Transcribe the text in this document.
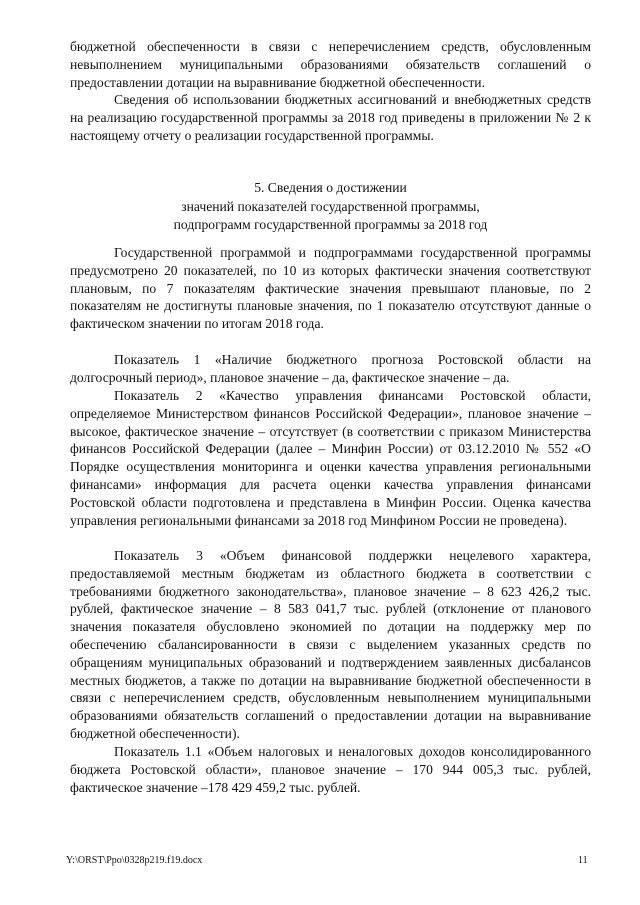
бюджетной обеспеченности в связи с неперечислением средств, обусловленным невыполнением муниципальными образованиями обязательств соглашений о предоставлении дотации на выравнивание бюджетной обеспеченности.

Сведения об использовании бюджетных ассигнований и внебюджетных средств на реализацию государственной программы за 2018 год приведены в приложении № 2 к настоящему отчету о реализации государственной программы.

5. Сведения о достижении
значений показателей государственной программы,
подпрограмм государственной программы за 2018 год

Государственной программой и подпрограммами государственной программы предусмотрено 20 показателей, по 10 из которых фактически значения соответствуют плановым, по 7 показателям фактические значения превышают плановые, по 2 показателям не достигнуты плановые значения, по 1 показателю отсутствуют данные о фактическом значении по итогам 2018 года.

Показатель 1 «Наличие бюджетного прогноза Ростовской области на долгосрочный период», плановое значение – да, фактическое значение – да.

Показатель 2 «Качество управления финансами Ростовской области, определяемое Министерством финансов Российской Федерации», плановое значение – высокое, фактическое значение – отсутствует (в соответствии с приказом Министерства финансов Российской Федерации (далее – Минфин России) от 03.12.2010 № 552 «О Порядке осуществления мониторинга и оценки качества управления региональными финансами» информация для расчета оценки качества управления финансами Ростовской области подготовлена и представлена в Минфин России. Оценка качества управления региональными финансами за 2018 год Минфином России не проведена).

Показатель 3 «Объем финансовой поддержки нецелевого характера, предоставляемой местным бюджетам из областного бюджета в соответствии с требованиями бюджетного законодательства», плановое значение – 8 623 426,2 тыс. рублей, фактическое значение – 8 583 041,7 тыс. рублей (отклонение от планового значения показателя обусловлено экономией по дотации на поддержку мер по обеспечению сбалансированности в связи с выделением указанных средств по обращениям муниципальных образований и подтверждением заявленных дисбалансов местных бюджетов, а также по дотации на выравнивание бюджетной обеспеченности в связи с неперечислением средств, обусловленным невыполнением муниципальными образованиями обязательств соглашений о предоставлении дотации на выравнивание бюджетной обеспеченности).

Показатель 1.1 «Объем налоговых и неналоговых доходов консолидированного бюджета Ростовской области», плановое значение – 170 944 005,3 тыс. рублей, фактическое значение –178 429 459,2 тыс. рублей.

Y:\ORST\Ppo\0328p219.f19.docx	11
